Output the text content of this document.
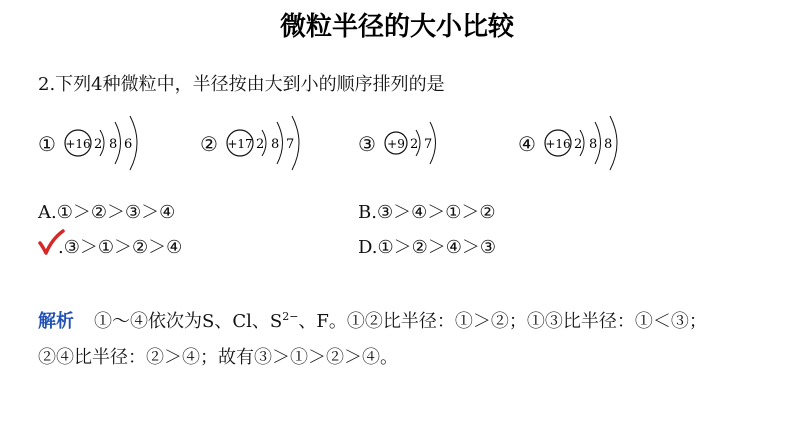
微粒半径的大小比较
2.下列4种微粒中，半径按由大到小的顺序排列的是
① +16 2 8 6	② +17 2 8 7	③ +9 2 7	④ +16 2 8 8
A.①＞②＞③＞④	B.③＞④＞①＞②
.③＞①＞②＞④	D.①＞②＞④＞③
解析 ①～④依次为S、Cl、$S^{2-}$、F。①②比半径：①＞②；①③比半径：①＜③；
②④比半径：②＞④；故有③＞①＞②＞④。
